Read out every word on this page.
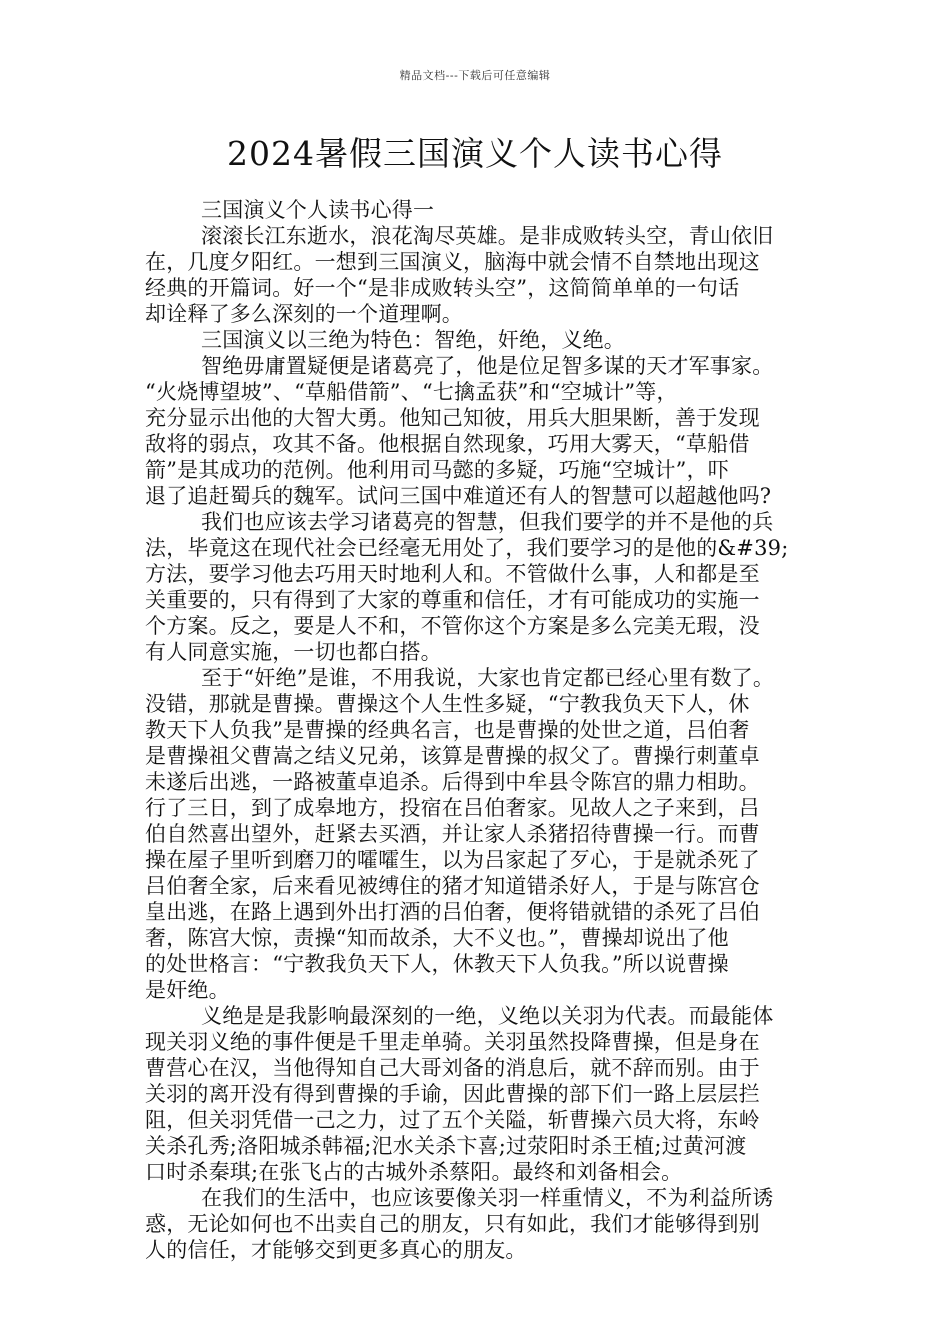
精品文档---下载后可任意编辑
2024暑假三国演义个人读书心得
三国演义个人读书心得一
滚滚长江东逝水，浪花淘尽英雄。是非成败转头空，青山依旧
在，几度夕阳红。一想到三国演义，脑海中就会情不自禁地出现这
经典的开篇词。好一个“是非成败转头空”，这简简单单的一句话
却诠释了多么深刻的一个道理啊。
三国演义以三绝为特色：智绝，奸绝，义绝。
智绝毋庸置疑便是诸葛亮了，他是位足智多谋的天才军事家。
“火烧博望坡”、“草船借箭”、“七擒孟获”和“空城计”等，
充分显示出他的大智大勇。他知己知彼，用兵大胆果断，善于发现
敌将的弱点，攻其不备。他根据自然现象，巧用大雾天，“草船借
箭”是其成功的范例。他利用司马懿的多疑，巧施“空城计”，吓
退了追赶蜀兵的魏军。试问三国中难道还有人的智慧可以超越他吗?
我们也应该去学习诸葛亮的智慧，但我们要学的并不是他的兵
法，毕竟这在现代社会已经毫无用处了，我们要学习的是他的&#39;
方法，要学习他去巧用天时地利人和。不管做什么事，人和都是至
关重要的，只有得到了大家的尊重和信任，才有可能成功的实施一
个方案。反之，要是人不和，不管你这个方案是多么完美无瑕，没
有人同意实施，一切也都白搭。
至于“奸绝”是谁，不用我说，大家也肯定都已经心里有数了。
没错，那就是曹操。曹操这个人生性多疑，“宁教我负天下人，休
教天下人负我”是曹操的经典名言，也是曹操的处世之道，吕伯奢
是曹操祖父曹嵩之结义兄弟，该算是曹操的叔父了。曹操行刺董卓
未遂后出逃，一路被董卓追杀。后得到中牟县令陈宫的鼎力相助。
行了三日，到了成皋地方，投宿在吕伯奢家。见故人之子来到，吕
伯自然喜出望外，赶紧去买酒，并让家人杀猪招待曹操一行。而曹
操在屋子里听到磨刀的嚯嚯生，以为吕家起了歹心，于是就杀死了
吕伯奢全家，后来看见被缚住的猪才知道错杀好人，于是与陈宫仓
皇出逃，在路上遇到外出打酒的吕伯奢，便将错就错的杀死了吕伯
奢，陈宫大惊，责操“知而故杀，大不义也。”，曹操却说出了他
的处世格言：“宁教我负天下人，休教天下人负我。”所以说曹操
是奸绝。
义绝是是我影响最深刻的一绝，义绝以关羽为代表。而最能体
现关羽义绝的事件便是千里走单骑。关羽虽然投降曹操，但是身在
曹营心在汉，当他得知自己大哥刘备的消息后，就不辞而别。由于
关羽的离开没有得到曹操的手谕，因此曹操的部下们一路上层层拦
阻，但关羽凭借一己之力，过了五个关隘，斩曹操六员大将，东岭
关杀孔秀;洛阳城杀韩福;汜水关杀卞喜;过荥阳时杀王植;过黄河渡
口时杀秦琪;在张飞占的古城外杀蔡阳。最终和刘备相会。
在我们的生活中，也应该要像关羽一样重情义，不为利益所诱
惑，无论如何也不出卖自己的朋友，只有如此，我们才能够得到别
人的信任，才能够交到更多真心的朋友。
